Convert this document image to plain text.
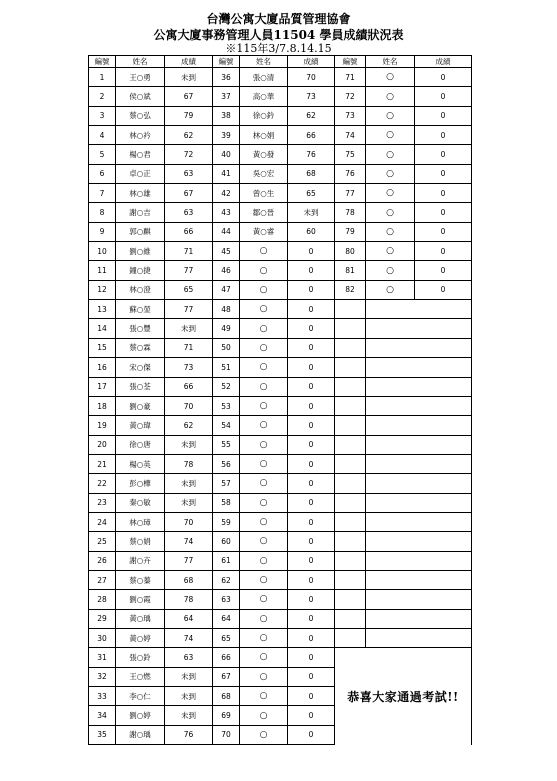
台灣公寓大廈品質管理協會
公寓大廈事務管理人員11504 學員成績狀況表
※115年3/7.8.14.15
編號	姓名	成績	編號	姓名	成績	編號	姓名	成績
1	王○勇	未到	36	張○清	70	71	○	0
2	侯○斌	67	37	高○華	73	72	○	0
3	蔡○弘	79	38	徐○鈐	62	73	○	0
4	林○衿	62	39	林○娟	66	74	○	0
5	楊○君	72	40	黃○發	76	75	○	0
6	卓○正	63	41	吳○宏	68	76	○	0
7	林○雄	67	42	曾○生	65	77	○	0
8	謝○吉	63	43	鄒○晉	未到	78	○	0
9	郭○麒	66	44	黃○睿	60	79	○	0
10	劉○維	71	45	○	0	80	○	0
11	鐘○捷	77	46	○	0	81	○	0
12	林○澄	65	47	○	0	82	○	0
13	蘇○堃	77	48	○	0			
14	張○豐	未到	49	○	0			
15	蔡○霖	71	50	○	0			
16	宋○傑	73	51	○	0			
17	張○荃	66	52	○	0			
18	劉○豪	70	53	○	0			
19	黃○瑋	62	54	○	0			
20	徐○唐	未到	55	○	0			
21	楊○英	78	56	○	0			
22	彭○樺	未到	57	○	0			
23	秦○敏	未到	58	○	0			
24	林○璋	70	59	○	0			
25	蔡○娟	74	60	○	0			
26	謝○卉	77	61	○	0			
27	蔡○蓁	68	62	○	0			
28	劉○霞	78	63	○	0			
29	黃○瑀	64	64	○	0			
30	黃○婷	74	65	○	0			
31	張○鈴	63	66	○	0	恭喜大家通過考試!!		
32	王○燃	未到	67	○	0			
33	李○仁	未到	68	○	0			
34	劉○婷	未到	69	○	0			
35	謝○瑀	76	70	○	0			
